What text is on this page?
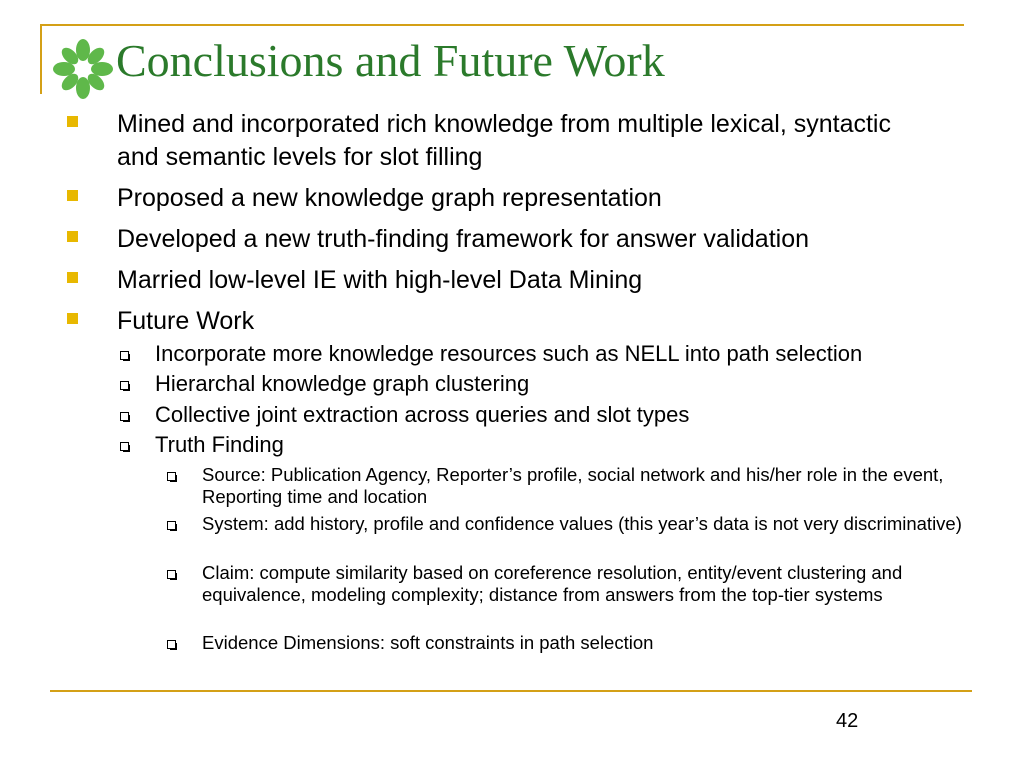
Conclusions and Future Work
Mined and incorporated rich knowledge from multiple lexical, syntactic and semantic levels for slot filling
Proposed a new knowledge graph representation
Developed a new truth-finding framework for answer validation
Married low-level IE with high-level Data Mining
Future Work
Incorporate more knowledge resources such as NELL into path selection
Hierarchal knowledge graph clustering
Collective joint extraction across queries and slot types
Truth Finding
Source: Publication Agency, Reporter’s profile, social network and his/her role in the event, Reporting time and location
System: add history, profile and confidence values (this year’s data is not very discriminative)
Claim: compute similarity based on coreference resolution, entity/event clustering and equivalence, modeling complexity; distance from answers from the top-tier systems
Evidence Dimensions: soft constraints in path selection
42
